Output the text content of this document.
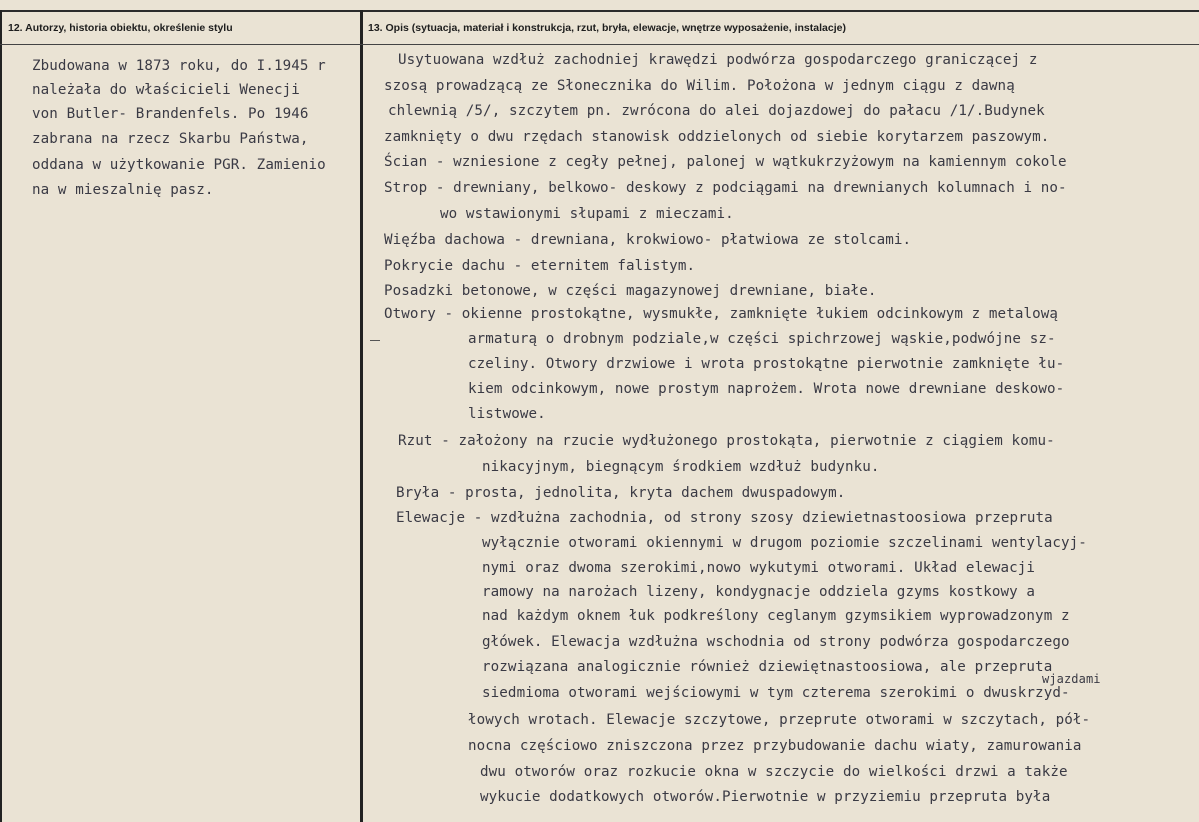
12. Autorzy, historia obiektu, określenie stylu	13. Opis (sytuacja, materiał i konstrukcja, rzut, bryła, elewacje, wnętrze wyposażenie, instalacje)
Zbudowana w 1873 roku, do I.1945 r
należała do właścicieli Wenecji
von Butler- Brandenfels. Po 1946
zabrana na rzecz Skarbu Państwa,
oddana w użytkowanie PGR. Zamienio
na w mieszalnię pasz.
Usytuowana wzdłuż zachodniej krawędzi podwórza gospodarczego graniczącej z
szosą prowadzącą ze Słonecznika do Wilim. Położona w jednym ciągu z dawną
chlewnią /5/, szczytem pn. zwrócona do alei dojazdowej do pałacu /1/.Budynek
zamknięty o dwu rzędach stanowisk oddzielonych od siebie korytarzem paszowym.
Ścian - wzniesione z cegły pełnej, palonej w wątkukrzyżowym na kamiennym cokole
Strop - drewniany, belkowo- deskowy z podciągami na drewnianych kolumnach i no-
wo wstawionymi słupami z mieczami.
Więźba dachowa - drewniana, krokwiowo- płatwiowa ze stolcami.
Pokrycie dachu - eternitem falistym.
Posadzki betonowe, w części magazynowej drewniane, białe.
Otwory - okienne prostokątne, wysmukłe, zamknięte łukiem odcinkowym z metalową
armaturą o drobnym podziale,w części spichrzowej wąskie,podwójne sz-
czeliny. Otwory drzwiowe i wrota prostokątne pierwotnie zamknięte łu-
kiem odcinkowym, nowe prostym naprożem. Wrota nowe drewniane deskowo-
listwowe.
Rzut - założony na rzucie wydłużonego prostokąta, pierwotnie z ciągiem komu-
nikacyjnym, biegnącym środkiem wzdłuż budynku.
Bryła - prosta, jednolita, kryta dachem dwuspadowym.
Elewacje - wzdłużna zachodnia, od strony szosy dziewietnastoosiowa przepruta
wyłącznie otworami okiennymi w drugom poziomie szczelinami wentylacyj-
nymi oraz dwoma szerokimi,nowo wykutymi otworami. Układ elewacji
ramowy na narożach lizeny, kondygnacje oddziela gzyms kostkowy a
nad każdym oknem łuk podkreślony ceglanym gzymsikiem wyprowadzonym z
główek. Elewacja wzdłużna wschodnia od strony podwórza gospodarczego
rozwiązana analogicznie również dziewiętnastoosiowa, ale przepruta
siedmioma otworami wejściowymi w tym czterema szerokimi o dwuskrzyd-
łowych wrotach. Elewacje szczytowe, przeprute otworami w szczytach, pół-
nocna częściowo zniszczona przez przybudowanie dachu wiaty, zamurowania
dwu otworów oraz rozkucie okna w szczycie do wielkości drzwi a także
wykucie dodatkowych otworów.Pierwotnie w przyziemiu przepruta była
wjazdami
